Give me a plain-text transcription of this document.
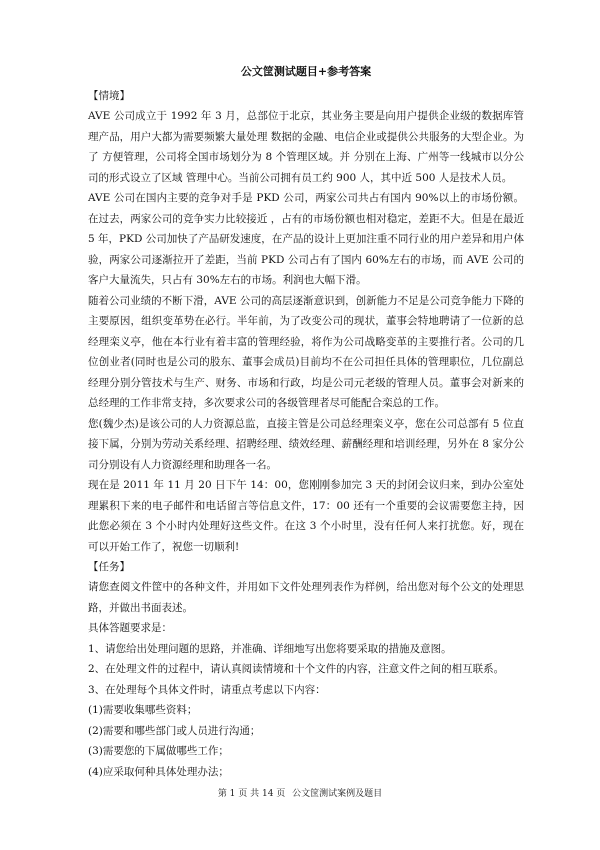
公文筐测试题目+参考答案

【情境】

AVE 公司成立于 1992 年 3 月，总部位于北京，其业务主要是向用户提供企业级的数据库管理产品，用户大都为需要频繁大量处理 数据的金融、电信企业或提供公共服务的大型企业。为了 方便管理，公司将全国市场划分为 8 个管理区域。并 分别在上海、广州等一线城市以分公司的形式设立了区域 管理中心。当前公司拥有员工约 900 人，其中近 500 人是技术人员。

AVE 公司在国内主要的竞争对手是 PKD 公司，两家公司共占有国内 90%以上的市场份额。在过去，两家公司的竞争实力比较接近 ，占有的市场份额也相对稳定，差距不大。但是在最近 5 年，PKD 公司加快了产品研发速度，在产品的设计上更加注重不同行业的用户差异和用户体验，两家公司逐渐拉开了差距，当前 PKD 公司占有了国内 60%左右的市场，而 AVE 公司的客户大量流失，只占有 30%左右的市场。利润也大幅下滑。

随着公司业绩的不断下滑，AVE 公司的高层逐渐意识到，创新能力不足是公司竞争能力下降的主要原因，组织变革势在必行。半年前，为了改变公司的现状，董事会特地聘请了一位新的总经理栾义亭，他在本行业有着丰富的管理经验，将作为公司战略变革的主要推行者。公司的几位创业者(同时也是公司的股东、董事会成员)目前均不在公司担任具体的管理职位，几位副总经理分别分管技术与生产、财务、市场和行政，均是公司元老级的管理人员。董事会对新来的总经理的工作非常支持，多次要求公司的各级管理者尽可能配合栾总的工作。

您(魏少杰)是该公司的人力资源总监，直接主管是公司总经理栾义亭，您在公司总部有 5 位直接下属，分别为劳动关系经理、招聘经理、绩效经理、薪酬经理和培训经理，另外在 8 家分公司分别设有人力资源经理和助理各一名。

现在是 2011 年 11 月 20 日下午 14：00，您刚刚参加完 3 天的封闭会议归来，到办公室处理累积下来的电子邮件和电话留言等信息文件，17：00 还有一个重要的会议需要您主持，因此您必须在 3 个小时内处理好这些文件。在这 3 个小时里，没有任何人来打扰您。好，现在可以开始工作了，祝您一切顺利!

【任务】

请您查阅文件筐中的各种文件，并用如下文件处理列表作为样例，给出您对每个公文的处理思路，并做出书面表述。

具体答题要求是：

1、请您给出处理问题的思路，并准确、详细地写出您将要采取的措施及意图。

2、在处理文件的过程中，请认真阅读情境和十个文件的内容，注意文件之间的相互联系。

3、在处理每个具体文件时，请重点考虑以下内容：

(1)需要收集哪些资料；

(2)需要和哪些部门或人员进行沟通；

(3)需要您的下属做哪些工作；

(4)应采取何种具体处理办法；

第 1 页 共 14 页 公文筐测试案例及题目
